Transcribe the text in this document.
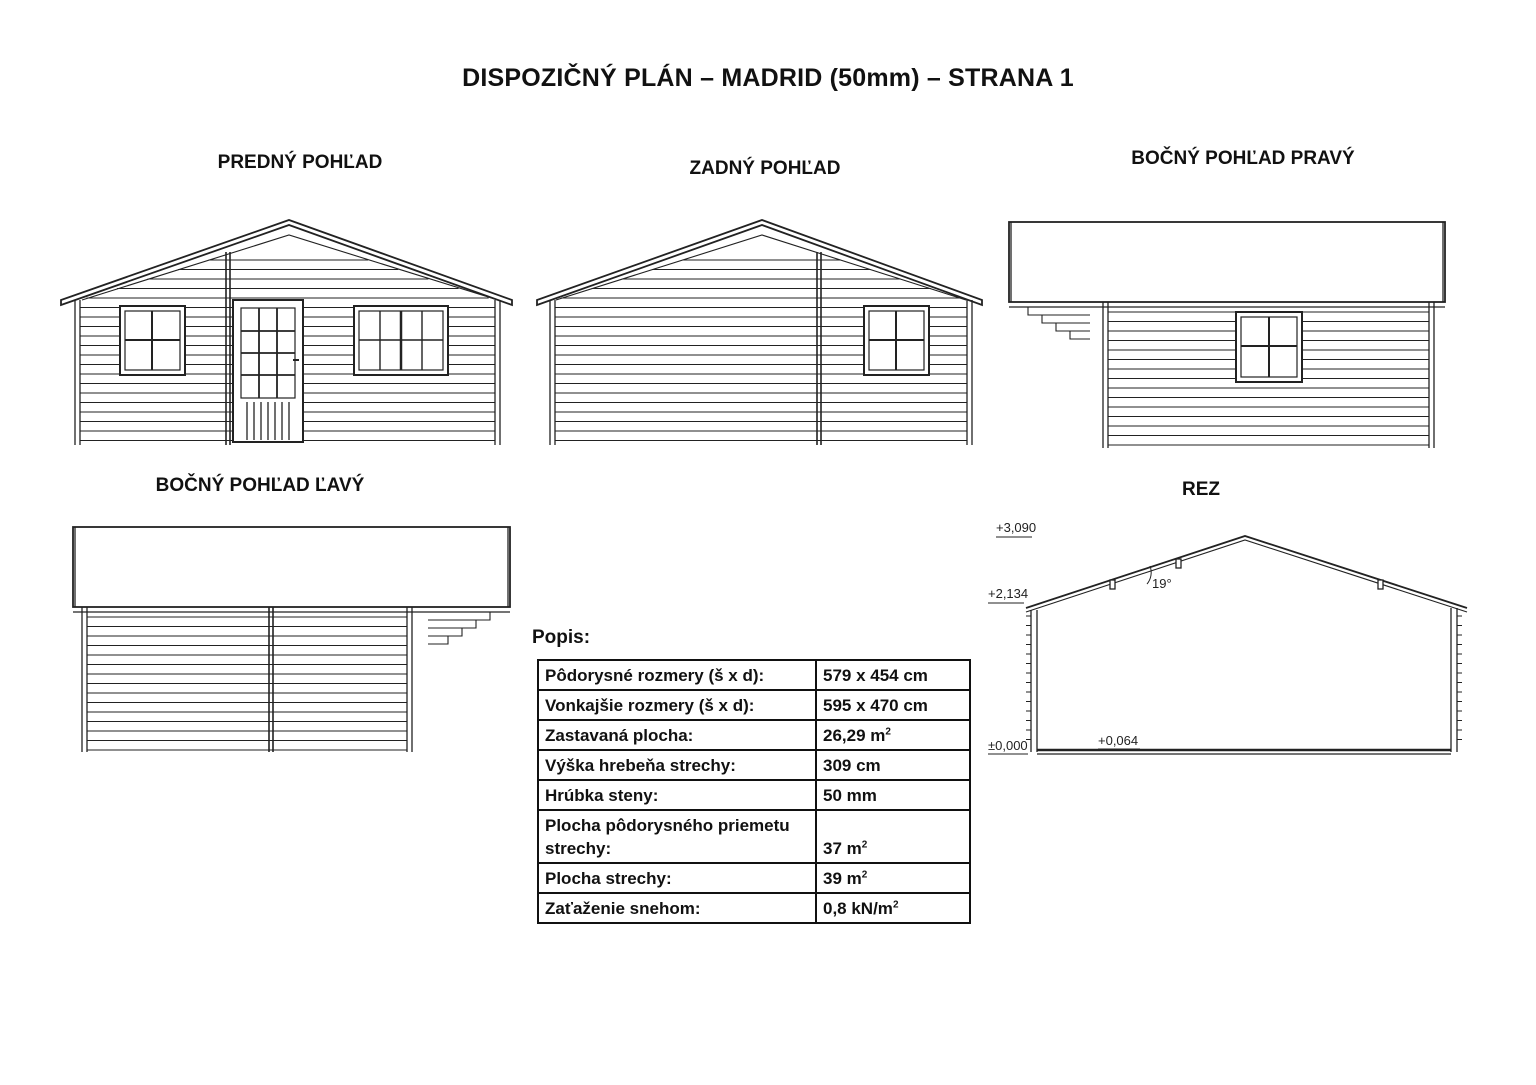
DISPOZIČNÝ PLÁN – MADRID (50mm) – STRANA 1
PREDNÝ POHĽAD	ZADNÝ POHĽAD	BOČNÝ POHĽAD PRAVÝ
BOČNÝ POHĽAD ĽAVÝ	REZ
+3,090
+2,134
±0,000	+0,064
19°
Popis:
Pôdorysné rozmery (š x d):	579 x 454 cm
Vonkajšie rozmery (š x d):	595 x 470 cm
Zastavaná plocha:	26,29 $m^2$
Výška hrebeňa strechy:	309 cm
Hrúbka steny:	50 mm
Plocha pôdorysného priemetu strechy:	37 $m^2$
Plocha strechy:	39 $m^2$
Zaťaženie snehom:	0,8 $kN/m^2$
